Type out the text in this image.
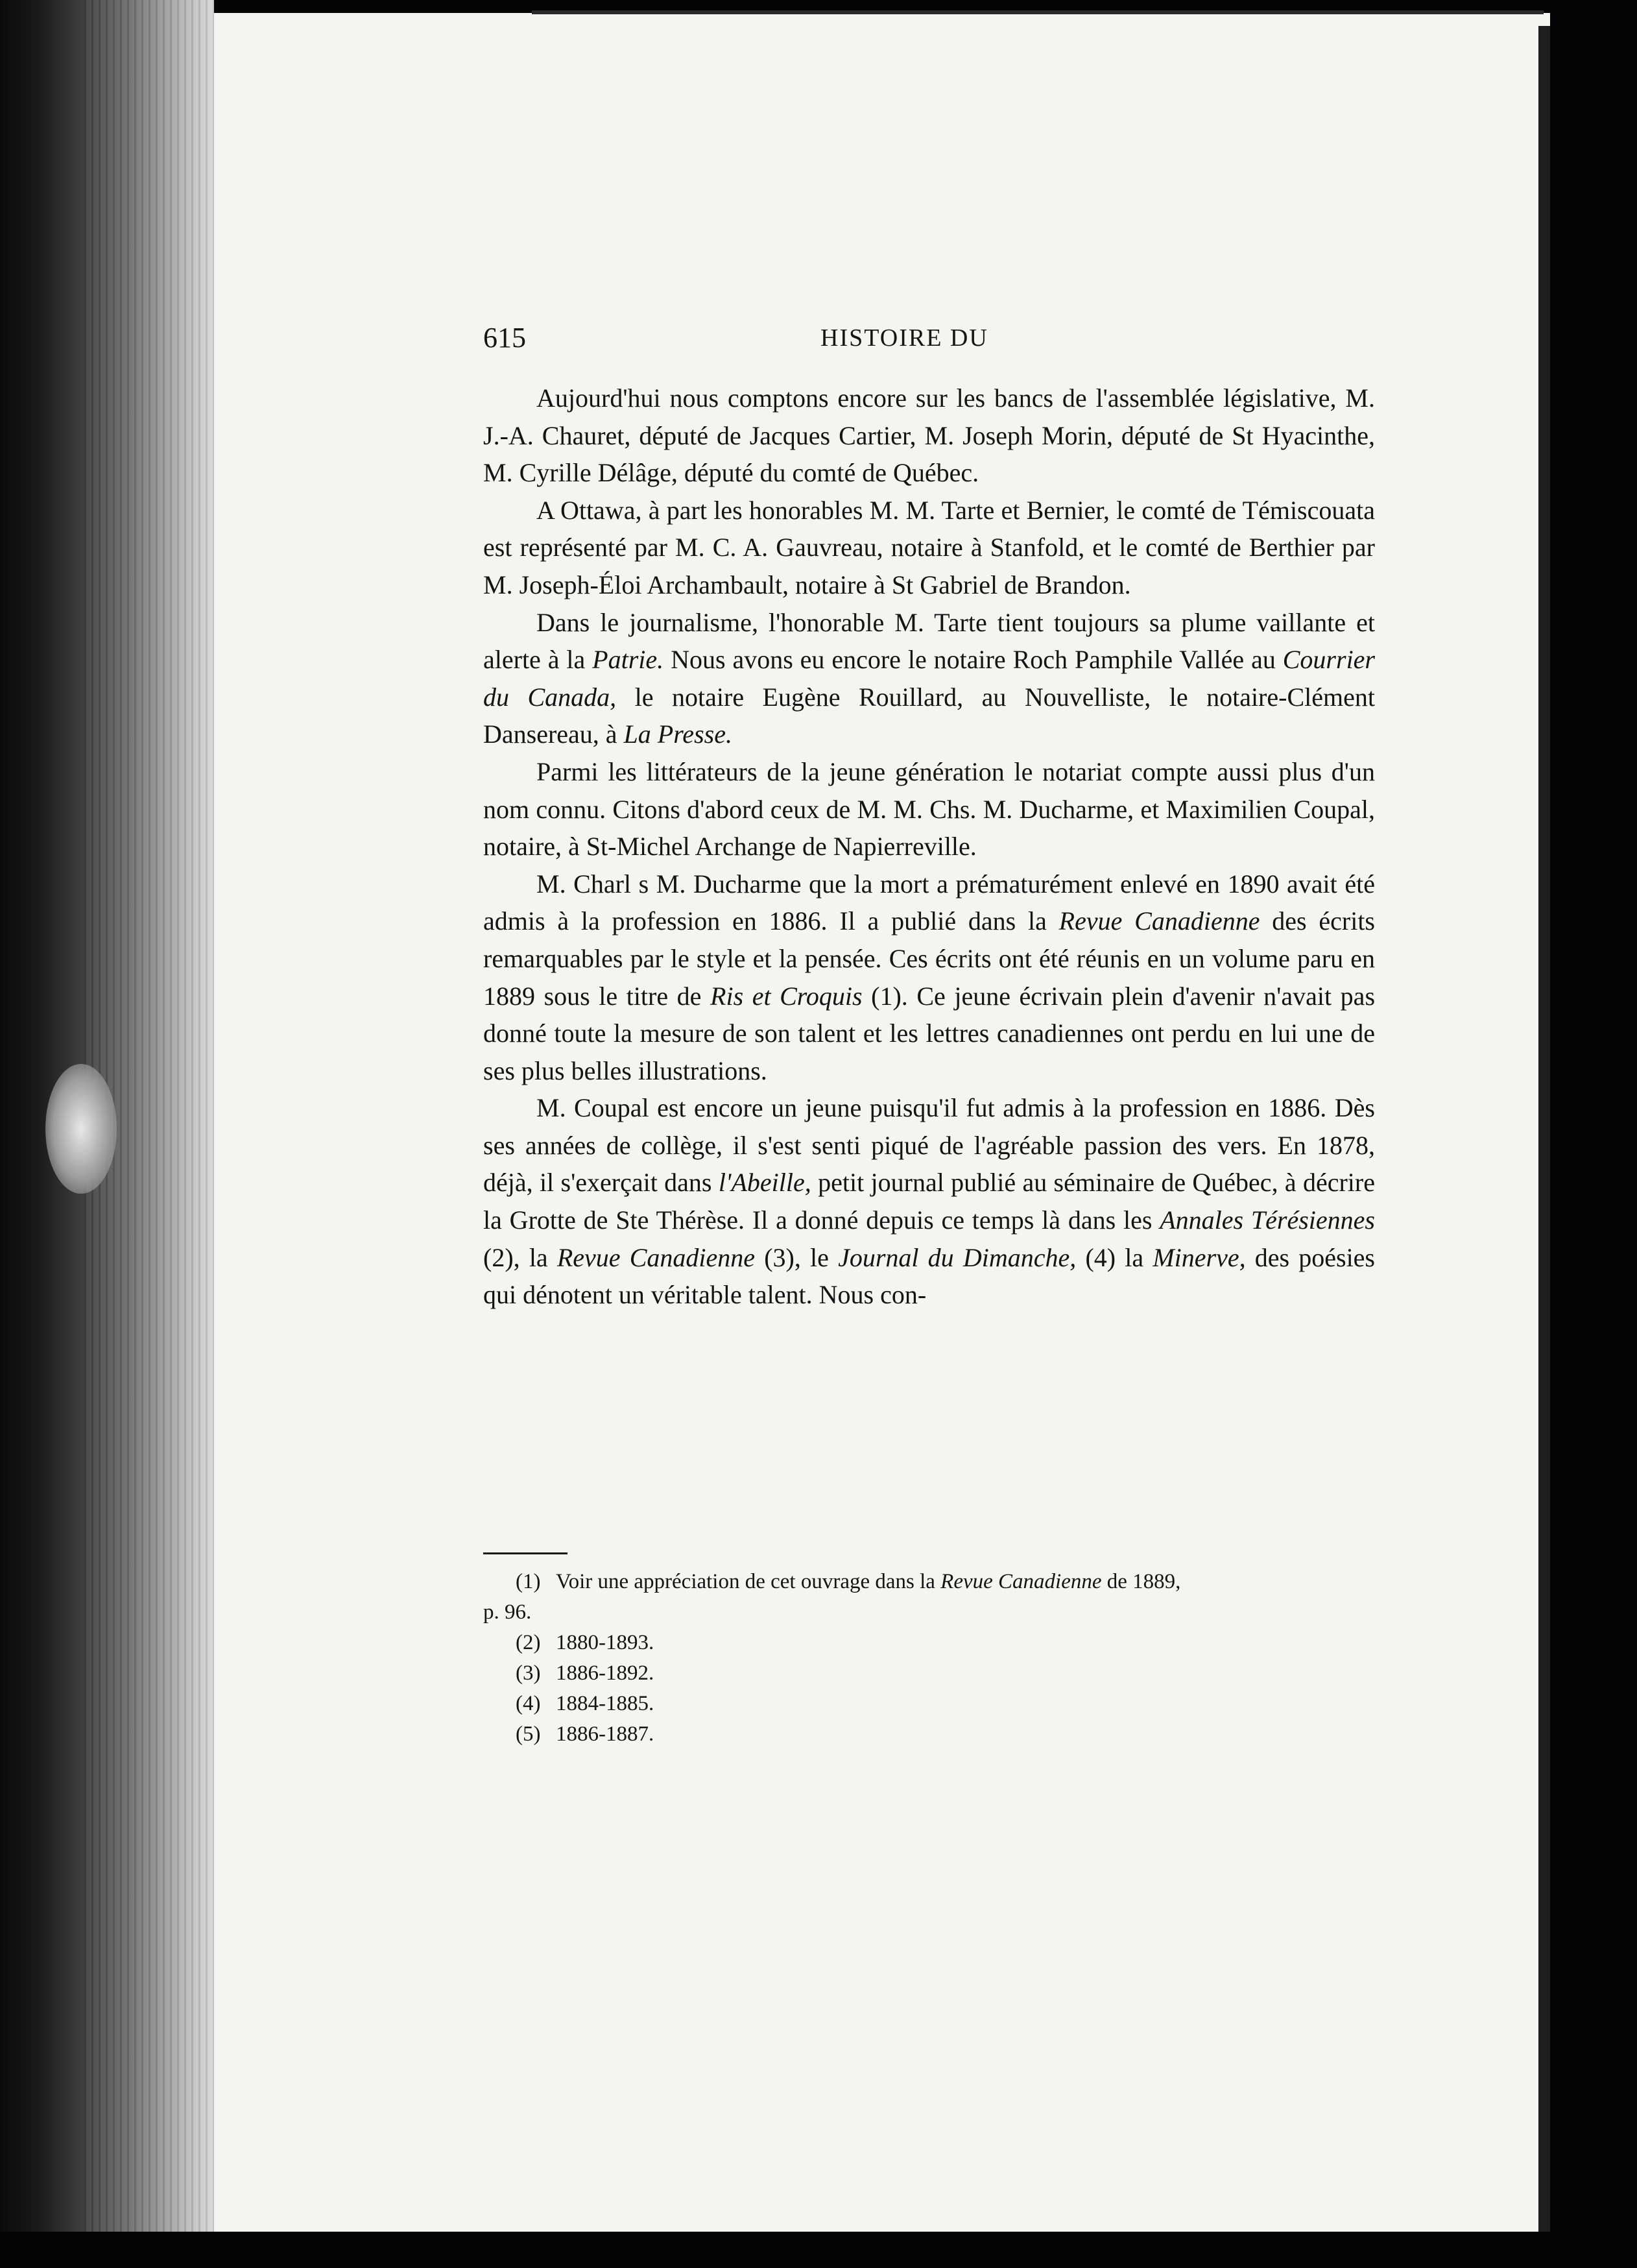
615	HISTOIRE DU

Aujourd'hui nous comptons encore sur les bancs de l'assemblée législative, M. J.-A. Chauret, député de Jacques Cartier, M. Joseph Morin, député de St Hyacinthe, M. Cyrille Délâge, député du comté de Québec.

A Ottawa, à part les honorables M. M. Tarte et Bernier, le comté de Témiscouata est représenté par M. C. A. Gauvreau, notaire à Stanfold, et le comté de Berthier par M. Joseph-Éloi Archambault, notaire à St Gabriel de Brandon.

Dans le journalisme, l'honorable M. Tarte tient toujours sa plume vaillante et alerte à la Patrie. Nous avons eu encore le notaire Roch Pamphile Vallée au Courrier du Canada, le notaire Eugène Rouillard, au Nouvelliste, le notaire-Clément Dansereau, à La Presse.

Parmi les littérateurs de la jeune génération le notariat compte aussi plus d'un nom connu. Citons d'abord ceux de M. M. Chs. M. Ducharme, et Maximilien Coupal, notaire, à St-Michel Archange de Napierreville.

M. Charl s M. Ducharme que la mort a prématurément enlevé en 1890 avait été admis à la profession en 1886. Il a publié dans la Revue Canadienne des écrits remarquables par le style et la pensée. Ces écrits ont été réunis en un volume paru en 1889 sous le titre de Ris et Croquis (1). Ce jeune écrivain plein d'avenir n'avait pas donné toute la mesure de son talent et les lettres canadiennes ont perdu en lui une de ses plus belles illustrations.

M. Coupal est encore un jeune puisqu'il fut admis à la profession en 1886. Dès ses années de collège, il s'est senti piqué de l'agréable passion des vers. En 1878, déjà, il s'exerçait dans l'Abeille, petit journal publié au séminaire de Québec, à décrire la Grotte de Ste Thérèse. Il a donné depuis ce temps là dans les Annales Térésiennes (2), la Revue Canadienne (3), le Journal du Dimanche, (4) la Minerve, des poésies qui dénotent un véritable talent. Nous con-

(1) Voir une appréciation de cet ouvrage dans la Revue Canadienne de 1889,
p. 96.

(2) 1880-1893.

(3) 1886-1892.

(4) 1884-1885.

(5) 1886-1887.
